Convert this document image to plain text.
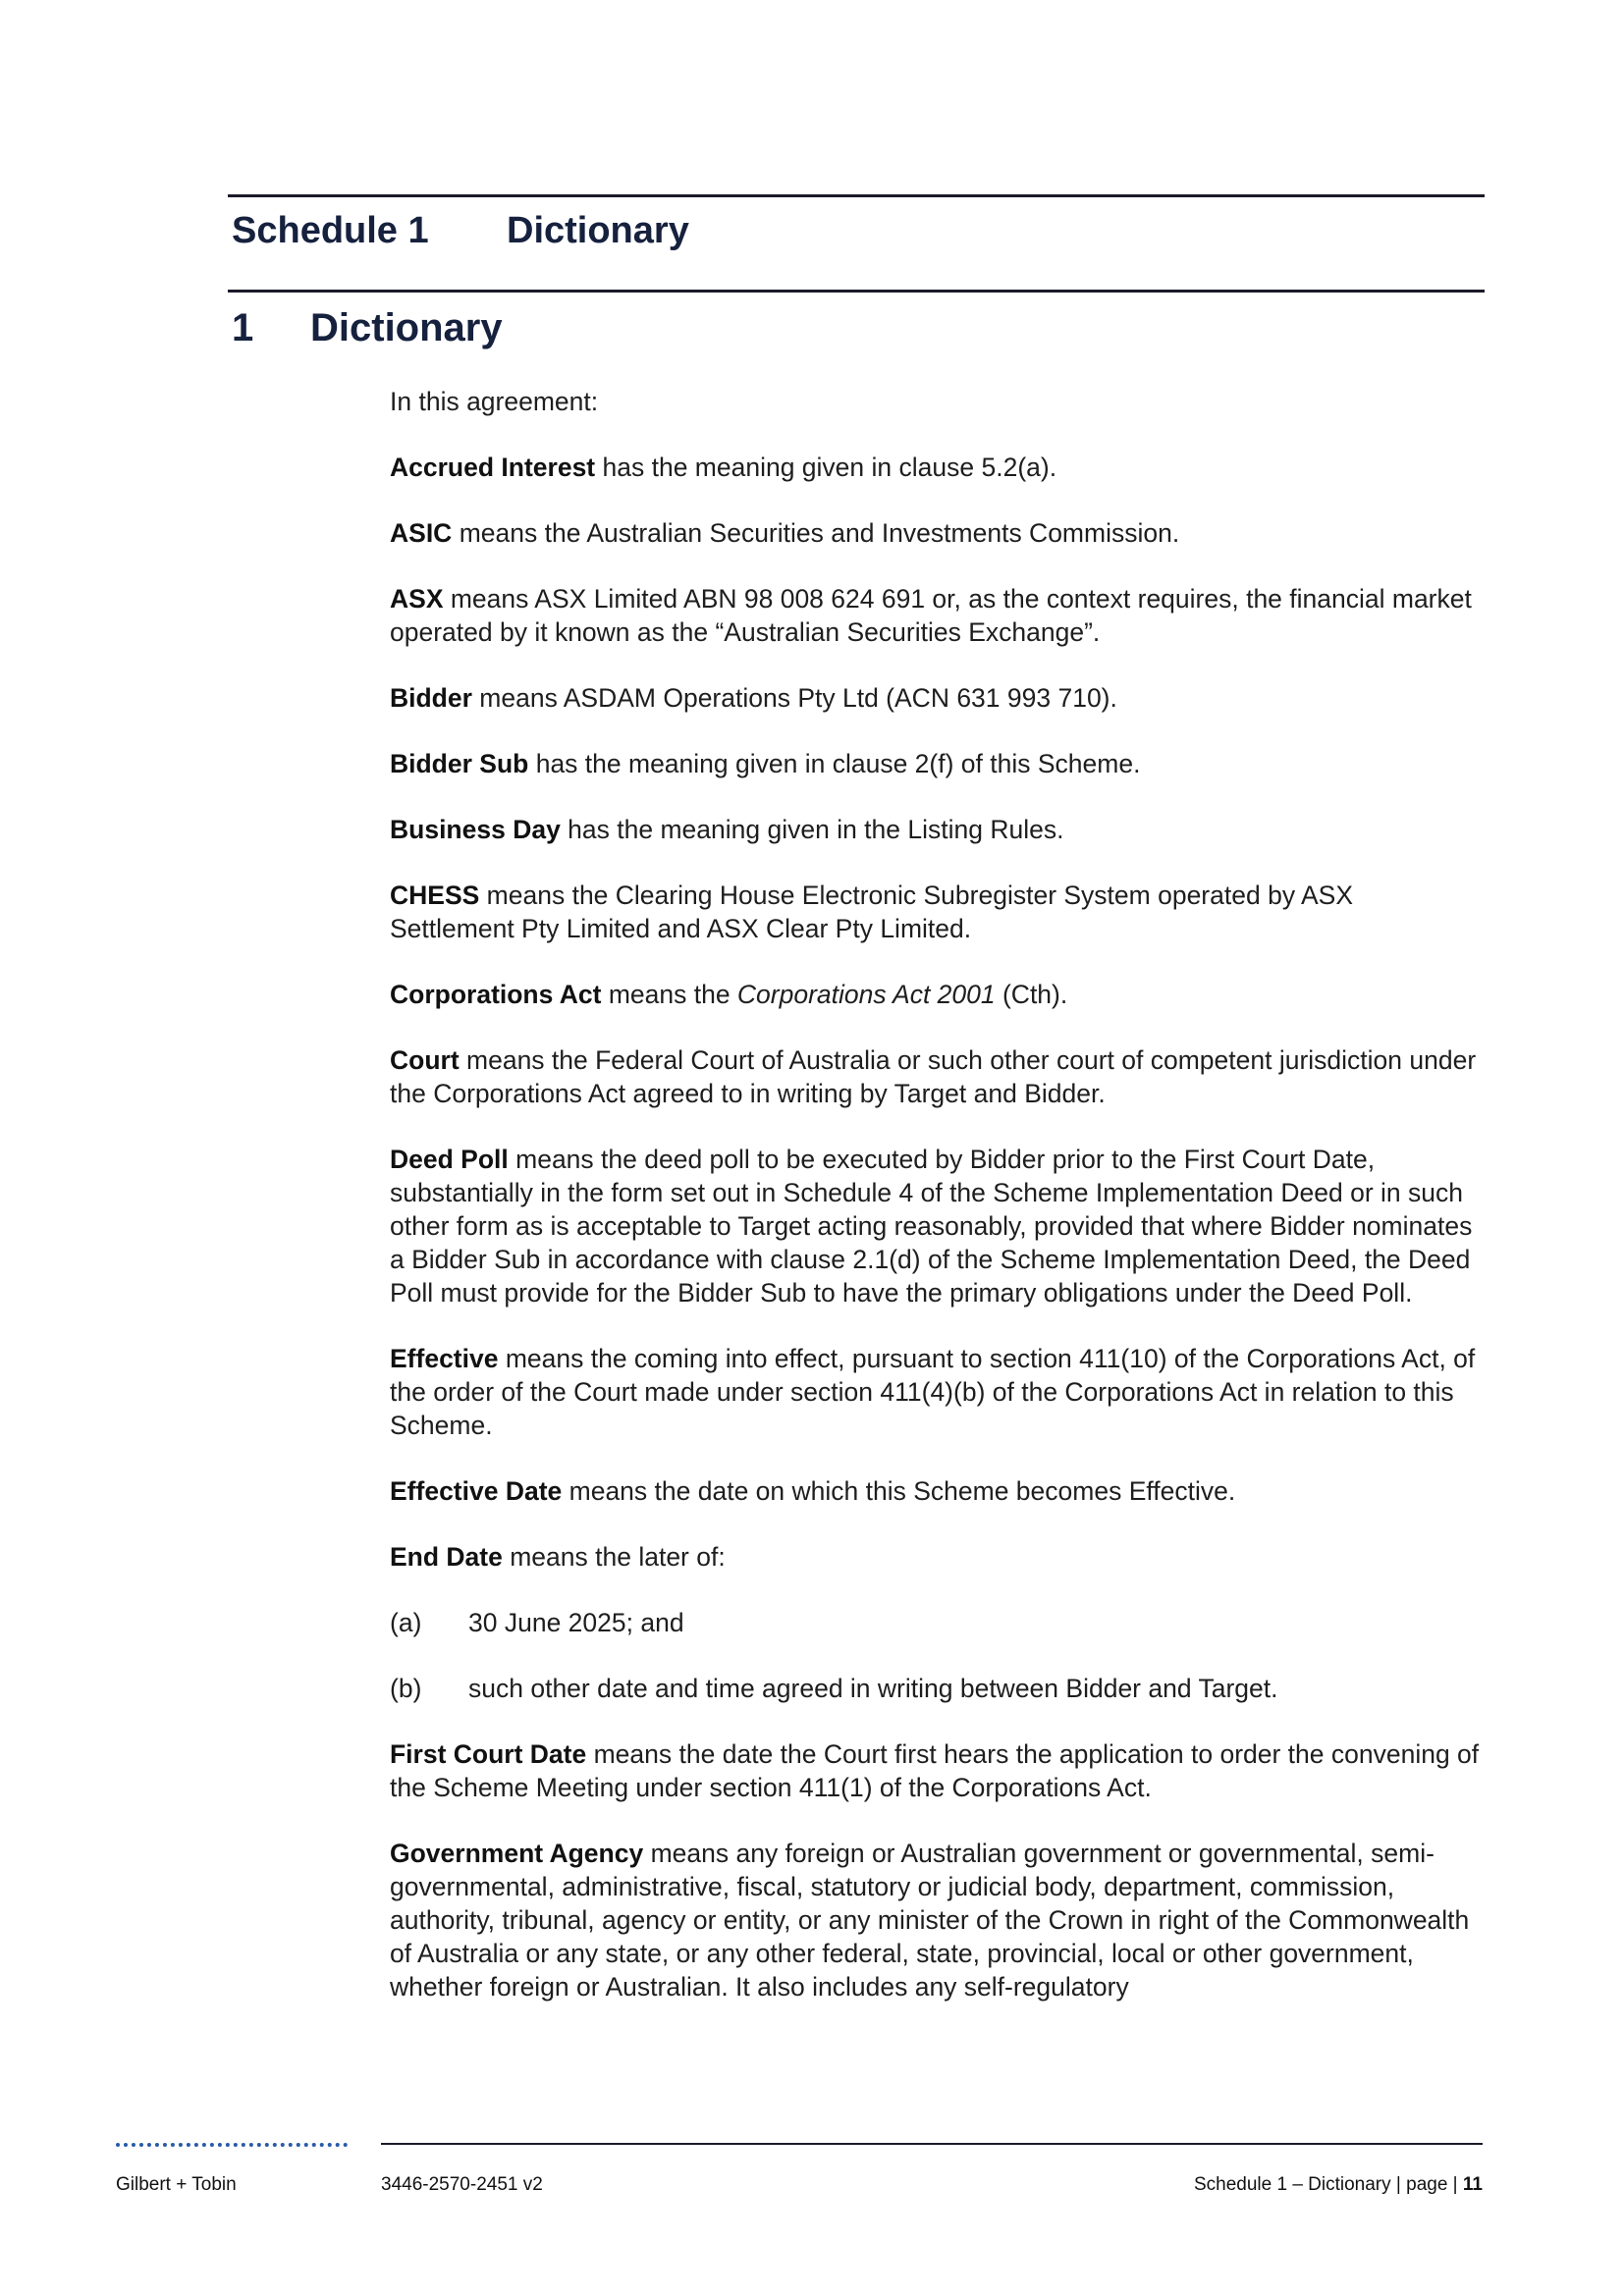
Schedule 1 Dictionary
1 Dictionary

In this agreement:

Accrued Interest has the meaning given in clause 5.2(a).

ASIC means the Australian Securities and Investments Commission.

ASX means ASX Limited ABN 98 008 624 691 or, as the context requires, the financial market operated by it known as the “Australian Securities Exchange”.

Bidder means ASDAM Operations Pty Ltd (ACN 631 993 710).

Bidder Sub has the meaning given in clause 2(f) of this Scheme.

Business Day has the meaning given in the Listing Rules.

CHESS means the Clearing House Electronic Subregister System operated by ASX Settlement Pty Limited and ASX Clear Pty Limited.

Corporations Act means the Corporations Act 2001 (Cth).

Court means the Federal Court of Australia or such other court of competent jurisdiction under the Corporations Act agreed to in writing by Target and Bidder.

Deed Poll means the deed poll to be executed by Bidder prior to the First Court Date, substantially in the form set out in Schedule 4 of the Scheme Implementation Deed or in such other form as is acceptable to Target acting reasonably, provided that where Bidder nominates a Bidder Sub in accordance with clause 2.1(d) of the Scheme Implementation Deed, the Deed Poll must provide for the Bidder Sub to have the primary obligations under the Deed Poll.

Effective means the coming into effect, pursuant to section 411(10) of the Corporations Act, of the order of the Court made under section 411(4)(b) of the Corporations Act in relation to this Scheme.

Effective Date means the date on which this Scheme becomes Effective.

End Date means the later of:

(a)	30 June 2025; and
(b)	such other date and time agreed in writing between Bidder and Target.

First Court Date means the date the Court first hears the application to order the convening of the Scheme Meeting under section 411(1) of the Corporations Act.

Government Agency means any foreign or Australian government or governmental, semi-governmental, administrative, fiscal, statutory or judicial body, department, commission, authority, tribunal, agency or entity, or any minister of the Crown in right of the Commonwealth of Australia or any state, or any other federal, state, provincial, local or other government, whether foreign or Australian. It also includes any self-regulatory

Gilbert + Tobin	3446-2570-2451 v2	Schedule 1 – Dictionary | page | 11
